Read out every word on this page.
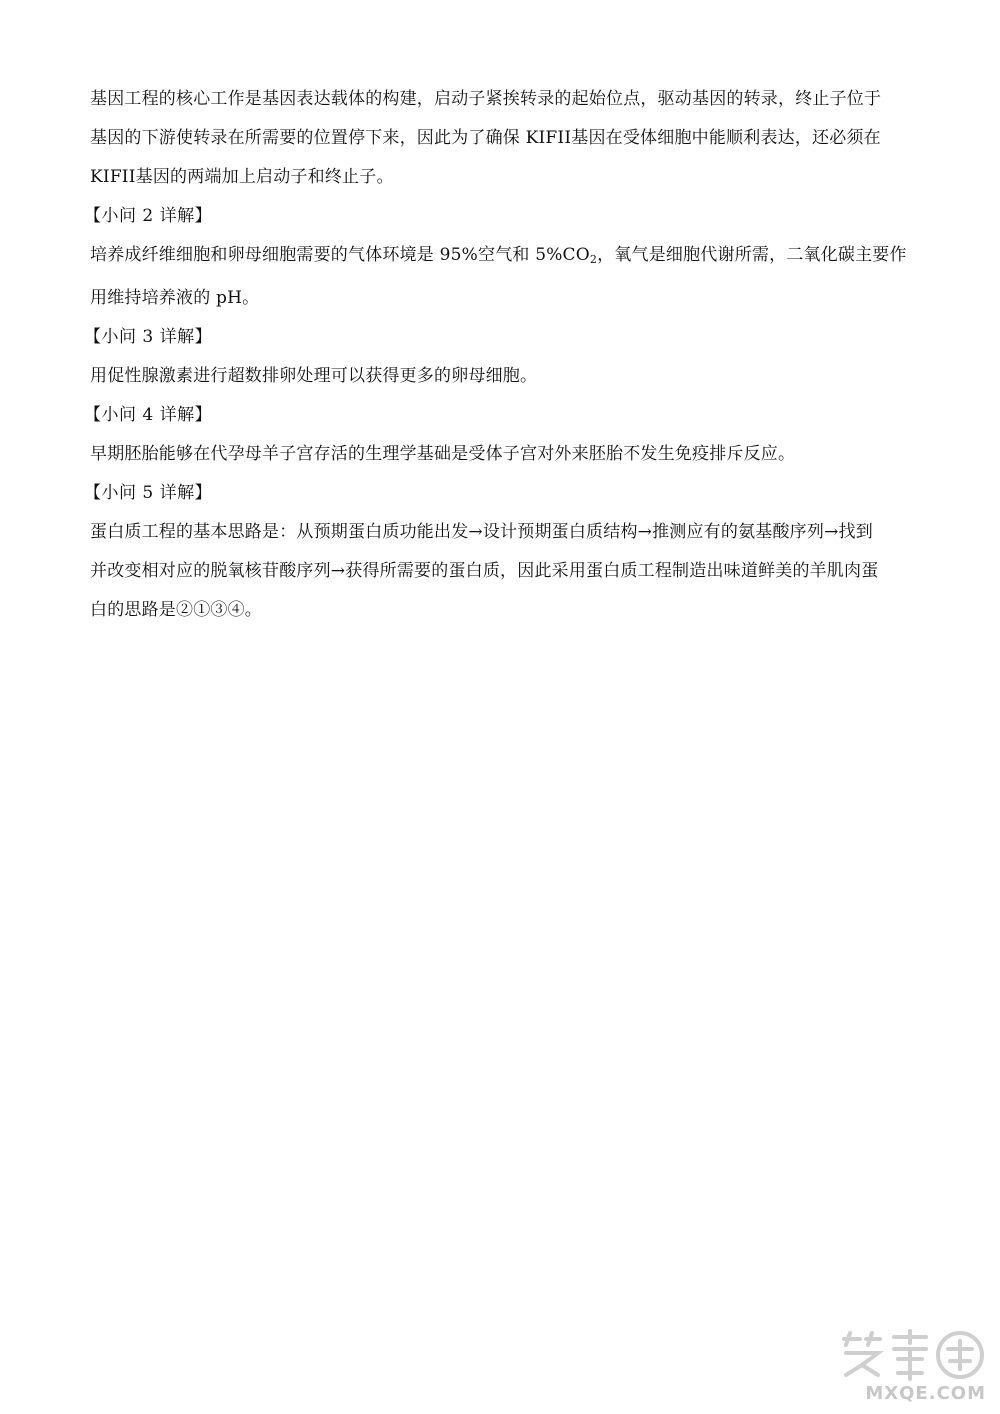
基因工程的核心工作是基因表达载体的构建，启动子紧挨转录的起始位点，驱动基因的转录，终止子位于
基因的下游使转录在所需要的位置停下来，因此为了确保 KIFII基因在受体细胞中能顺利表达，还必须在
KIFII基因的两端加上启动子和终止子。

【小问 2 详解】

培养成纤维细胞和卵母细胞需要的气体环境是 95%空气和 $5\%CO_2$，氧气是细胞代谢所需，二氧化碳主要作
用维持培养液的 pH。

【小问 3 详解】

用促性腺激素进行超数排卵处理可以获得更多的卵母细胞。

【小问 4 详解】

早期胚胎能够在代孕母羊子宫存活的生理学基础是受体子宫对外来胚胎不发生免疫排斥反应。

【小问 5 详解】

蛋白质工程的基本思路是：从预期蛋白质功能出发→设计预期蛋白质结构→推测应有的氨基酸序列→找到
并改变相对应的脱氧核苷酸序列→获得所需要的蛋白质，因此采用蛋白质工程制造出味道鲜美的羊肌肉蛋
白的思路是②①③④。

MXQE.COM
